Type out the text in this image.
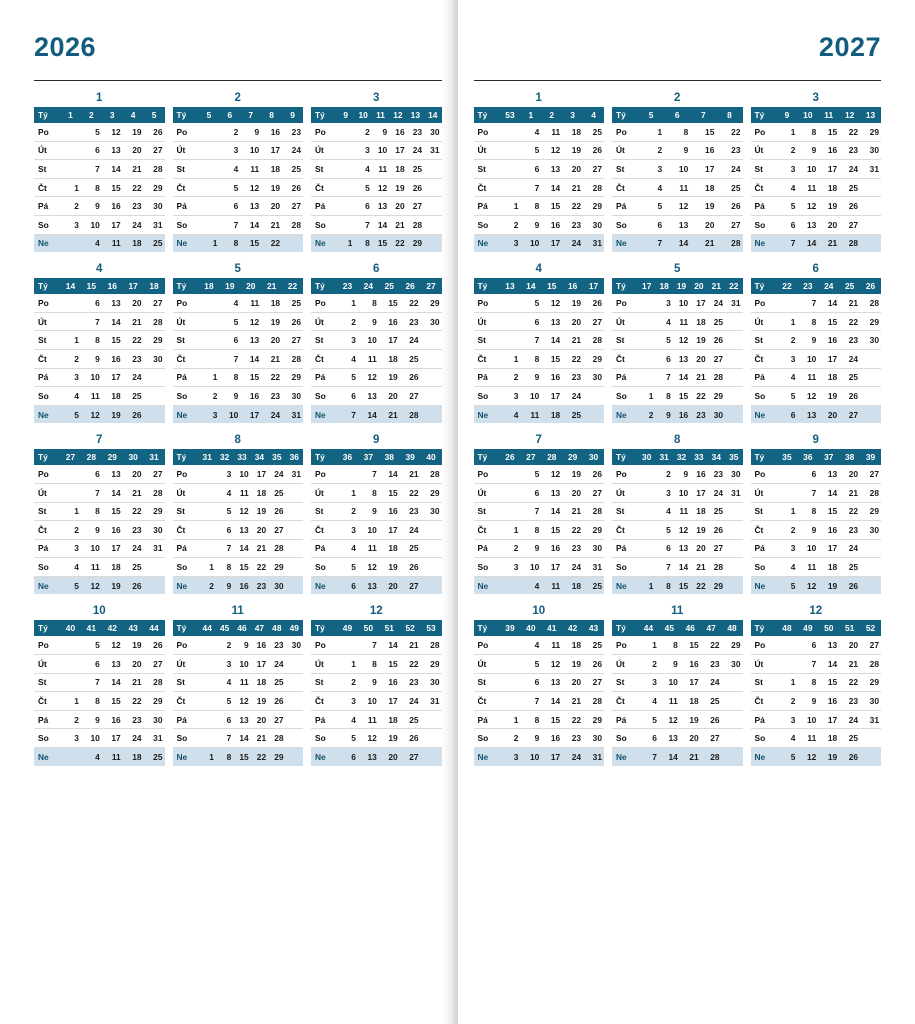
2026
1	2	3
Tý	1	2	3	4	5
Po		5	12	19	26
Út		6	13	20	27
St		7	14	21	28
Čt	1	8	15	22	29
Pá	2	9	16	23	30
So	3	10	17	24	31
Ne		4	11	18	25
Tý	5	6	7	8	9
Po		2	9	16	23
Út		3	10	17	24
St		4	11	18	25
Čt		5	12	19	26
Pá		6	13	20	27
So		7	14	21	28
Ne	1	8	15	22	
Tý	9	10	11	12	13	14
Po		2	9	16	23	30
Út		3	10	17	24	31
St		4	11	18	25	
Čt		5	12	19	26	
Pá		6	13	20	27	
So		7	14	21	28	
Ne	1	8	15	22	29	
4	5	6
Tý	14	15	16	17	18
Po		6	13	20	27
Út		7	14	21	28
St	1	8	15	22	29
Čt	2	9	16	23	30
Pá	3	10	17	24	
So	4	11	18	25	
Ne	5	12	19	26	
Tý	18	19	20	21	22
Po		4	11	18	25
Út		5	12	19	26
St		6	13	20	27
Čt		7	14	21	28
Pá	1	8	15	22	29
So	2	9	16	23	30
Ne	3	10	17	24	31
Tý	23	24	25	26	27
Po	1	8	15	22	29
Út	2	9	16	23	30
St	3	10	17	24	
Čt	4	11	18	25	
Pá	5	12	19	26	
So	6	13	20	27	
Ne	7	14	21	28	
7	8	9
Tý	27	28	29	30	31
Po		6	13	20	27
Út		7	14	21	28
St	1	8	15	22	29
Čt	2	9	16	23	30
Pá	3	10	17	24	31
So	4	11	18	25	
Ne	5	12	19	26	
Tý	31	32	33	34	35	36
Po		3	10	17	24	31
Út		4	11	18	25	
St		5	12	19	26	
Čt		6	13	20	27	
Pá		7	14	21	28	
So	1	8	15	22	29	
Ne	2	9	16	23	30	
Tý	36	37	38	39	40
Po		7	14	21	28
Út	1	8	15	22	29
St	2	9	16	23	30
Čt	3	10	17	24	
Pá	4	11	18	25	
So	5	12	19	26	
Ne	6	13	20	27	
10	11	12
Tý	40	41	42	43	44
Po		5	12	19	26
Út		6	13	20	27
St		7	14	21	28
Čt	1	8	15	22	29
Pá	2	9	16	23	30
So	3	10	17	24	31
Ne		4	11	18	25
Tý	44	45	46	47	48	49
Po		2	9	16	23	30
Út		3	10	17	24	
St		4	11	18	25	
Čt		5	12	19	26	
Pá		6	13	20	27	
So		7	14	21	28	
Ne	1	8	15	22	29	
Tý	49	50	51	52	53
Po		7	14	21	28
Út	1	8	15	22	29
St	2	9	16	23	30
Čt	3	10	17	24	31
Pá	4	11	18	25	
So	5	12	19	26	
Ne	6	13	20	27	
2027
1	2	3
Tý	53	1	2	3	4
Po		4	11	18	25
Út		5	12	19	26
St		6	13	20	27
Čt		7	14	21	28
Pá	1	8	15	22	29
So	2	9	16	23	30
Ne	3	10	17	24	31
Tý	5	6	7	8
Po	1	8	15	22
Út	2	9	16	23
St	3	10	17	24
Čt	4	11	18	25
Pá	5	12	19	26
So	6	13	20	27
Ne	7	14	21	28
Tý	9	10	11	12	13
Po	1	8	15	22	29
Út	2	9	16	23	30
St	3	10	17	24	31
Čt	4	11	18	25	
Pá	5	12	19	26	
So	6	13	20	27	
Ne	7	14	21	28	
4	5	6
Tý	13	14	15	16	17
Po		5	12	19	26
Út		6	13	20	27
St		7	14	21	28
Čt	1	8	15	22	29
Pá	2	9	16	23	30
So	3	10	17	24	
Ne	4	11	18	25	
Tý	17	18	19	20	21	22
Po		3	10	17	24	31
Út		4	11	18	25	
St		5	12	19	26	
Čt		6	13	20	27	
Pá		7	14	21	28	
So	1	8	15	22	29	
Ne	2	9	16	23	30	
Tý	22	23	24	25	26
Po		7	14	21	28
Út	1	8	15	22	29
St	2	9	16	23	30
Čt	3	10	17	24	
Pá	4	11	18	25	
So	5	12	19	26	
Ne	6	13	20	27	
7	8	9
Tý	26	27	28	29	30
Po		5	12	19	26
Út		6	13	20	27
St		7	14	21	28
Čt	1	8	15	22	29
Pá	2	9	16	23	30
So	3	10	17	24	31
Ne		4	11	18	25
Tý	30	31	32	33	34	35
Po		2	9	16	23	30
Út		3	10	17	24	31
St		4	11	18	25	
Čt		5	12	19	26	
Pá		6	13	20	27	
So		7	14	21	28	
Ne	1	8	15	22	29	
Tý	35	36	37	38	39
Po		6	13	20	27
Út		7	14	21	28
St	1	8	15	22	29
Čt	2	9	16	23	30
Pá	3	10	17	24	
So	4	11	18	25	
Ne	5	12	19	26	
10	11	12
Tý	39	40	41	42	43
Po		4	11	18	25
Út		5	12	19	26
St		6	13	20	27
Čt		7	14	21	28
Pá	1	8	15	22	29
So	2	9	16	23	30
Ne	3	10	17	24	31
Tý	44	45	46	47	48
Po	1	8	15	22	29
Út	2	9	16	23	30
St	3	10	17	24	
Čt	4	11	18	25	
Pá	5	12	19	26	
So	6	13	20	27	
Ne	7	14	21	28	
Tý	48	49	50	51	52
Po		6	13	20	27
Út		7	14	21	28
St	1	8	15	22	29
Čt	2	9	16	23	30
Pá	3	10	17	24	31
So	4	11	18	25	
Ne	5	12	19	26	
